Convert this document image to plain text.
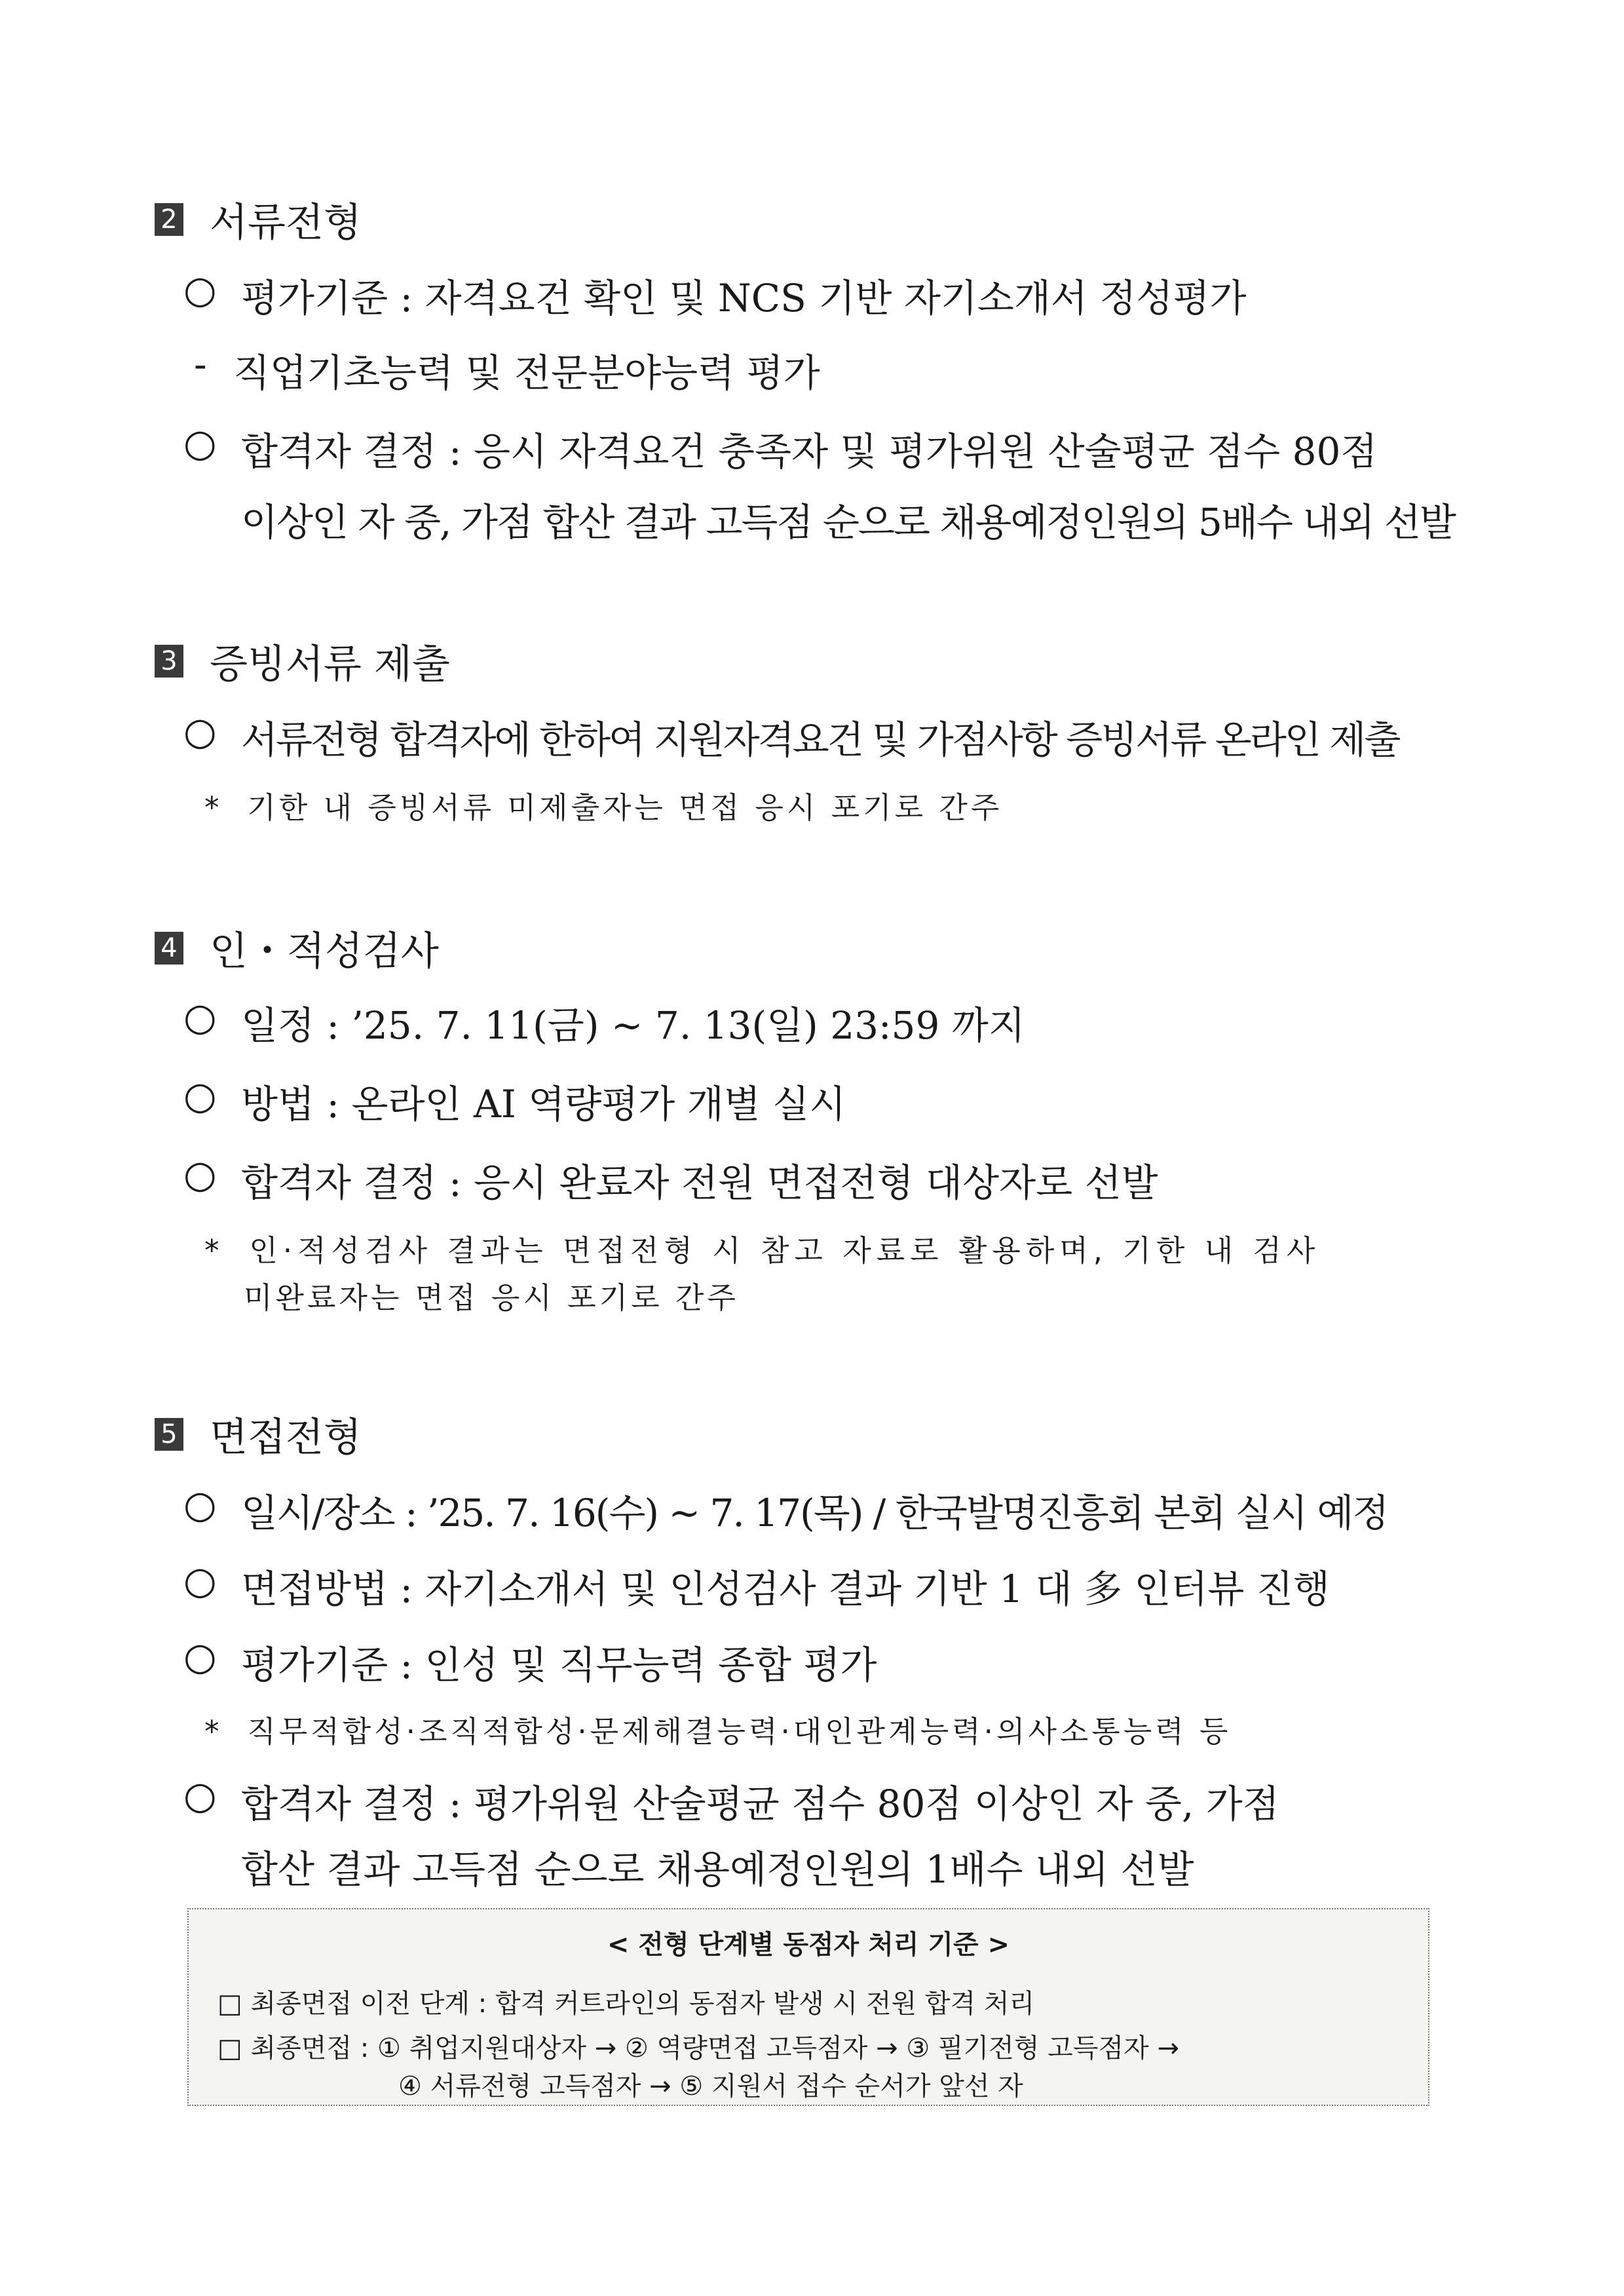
2 서류전형
○ 평가기준 : 자격요건 확인 및 NCS 기반 자기소개서 정성평가
- 직업기초능력 및 전문분야능력 평가
○ 합격자 결정 : 응시 자격요건 충족자 및 평가위원 산술평균 점수 80점
이상인 자 중, 가점 합산 결과 고득점 순으로 채용예정인원의 5배수 내외 선발
3 증빙서류 제출
○ 서류전형 합격자에 한하여 지원자격요건 및 가점사항 증빙서류 온라인 제출
* 기한 내 증빙서류 미제출자는 면접 응시 포기로 간주
4 인・적성검사
○ 일정 : ’25. 7. 11(금) ~ 7. 13(일) 23:59 까지
○ 방법 : 온라인 AI 역량평가 개별 실시
○ 합격자 결정 : 응시 완료자 전원 면접전형 대상자로 선발
* 인·적성검사 결과는 면접전형 시 참고 자료로 활용하며, 기한 내 검사
미완료자는 면접 응시 포기로 간주
5 면접전형
○ 일시/장소 : ’25. 7. 16(수) ~ 7. 17(목) / 한국발명진흥회 본회 실시 예정
○ 면접방법 : 자기소개서 및 인성검사 결과 기반 1 대 多 인터뷰 진행
○ 평가기준 : 인성 및 직무능력 종합 평가
* 직무적합성·조직적합성·문제해결능력·대인관계능력·의사소통능력 등
○ 합격자 결정 : 평가위원 산술평균 점수 80점 이상인 자 중, 가점
합산 결과 고득점 순으로 채용예정인원의 1배수 내외 선발
< 전형 단계별 동점자 처리 기준 >
□ 최종면접 이전 단계 : 합격 커트라인의 동점자 발생 시 전원 합격 처리
□ 최종면접 : ① 취업지원대상자 → ② 역량면접 고득점자 → ③ 필기전형 고득점자 →
④ 서류전형 고득점자 → ⑤ 지원서 접수 순서가 앞선 자
